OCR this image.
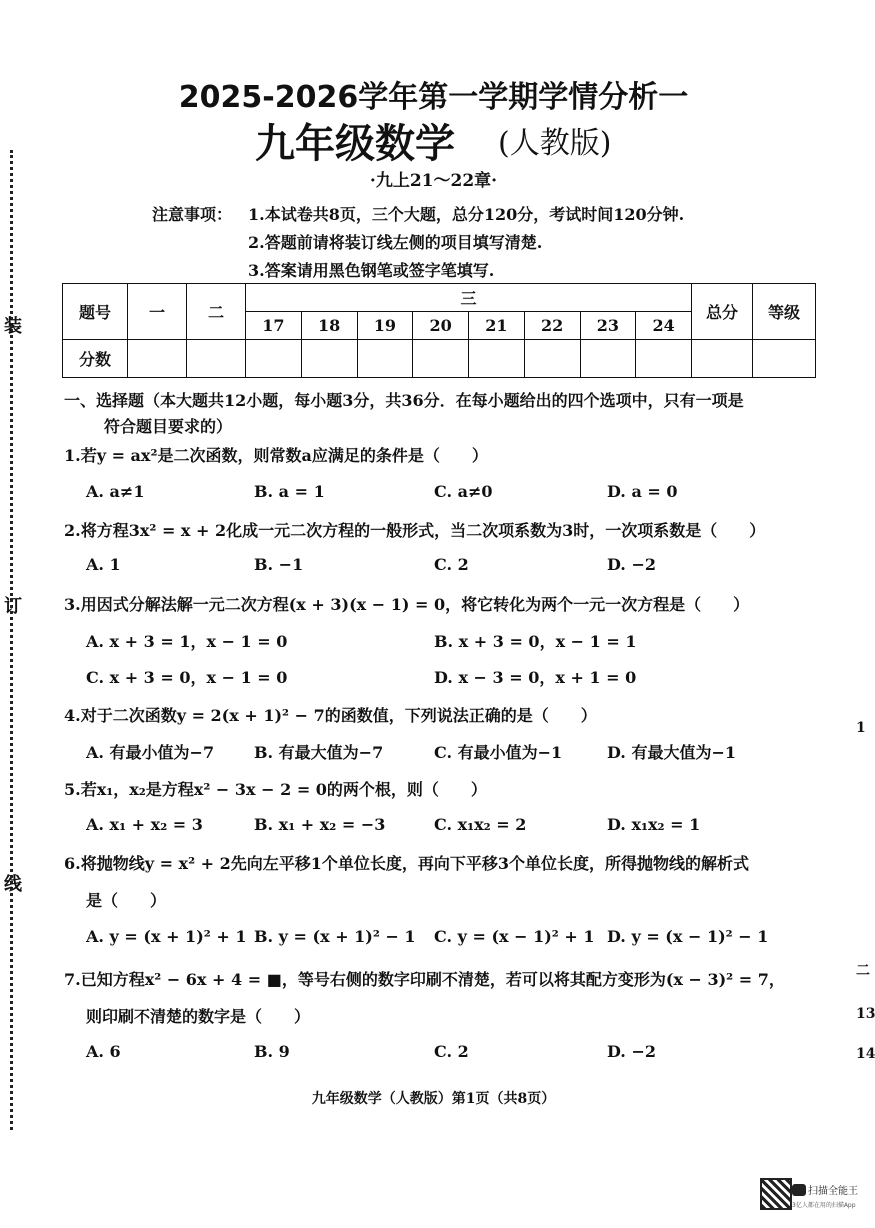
装
订
线
2025-2026学年第一学期学情分析一
九年级数学 (人教版)
·九上21～22章·
注意事项： 1.本试卷共8页，三个大题，总分120分，考试时间120分钟.
2.答题前请将装订线左侧的项目填写清楚.
3.答案请用黑色钢笔或签字笔填写.
题号	一	二	三								总分	等级
			17	18	19	20	21	22	23	24		
分数												
一、选择题（本大题共12小题，每小题3分，共36分．在每小题给出的四个选项中，只有一项是
符合题目要求的）
1.若y = ax²是二次函数，则常数a应满足的条件是（　　）
A. a≠1	B. a = 1	C. a≠0	D. a = 0
2.将方程3x² = x + 2化成一元二次方程的一般形式，当二次项系数为3时，一次项系数是（　　）
A. 1	B. −1	C. 2	D. −2
3.用因式分解法解一元二次方程(x + 3)(x − 1) = 0，将它转化为两个一元一次方程是（　　）
A. x + 3 = 1，x − 1 = 0	B. x + 3 = 0，x − 1 = 1
C. x + 3 = 0，x − 1 = 0	D. x − 3 = 0，x + 1 = 0
4.对于二次函数y = 2(x + 1)² − 7的函数值，下列说法正确的是（　　）
A. 有最小值为−7 B. 有最大值为−7	C. 有最小值为−1	D. 有最大值为−1
5.若x₁，x₂是方程x² − 3x − 2 = 0的两个根，则（　　）
A. x₁ + x₂ = 3	B. x₁ + x₂ = −3	C. x₁x₂ = 2	D. x₁x₂ = 1
6.将抛物线y = x² + 2先向左平移1个单位长度，再向下平移3个单位长度，所得抛物线的解析式
是（　　）
A. y = (x + 1)² + 1 B. y = (x + 1)² − 1 C. y = (x − 1)² + 1 D. y = (x − 1)² − 1
7.已知方程x² − 6x + 4 = ■，等号右侧的数字印刷不清楚，若可以将其配方变形为(x − 3)² = 7，
则印刷不清楚的数字是（　　）
A. 6	B. 9	C. 2	D. −2
九年级数学（人教版）第1页（共8页）
1
二
13
14
扫描全能王
3亿人都在用的扫描App
